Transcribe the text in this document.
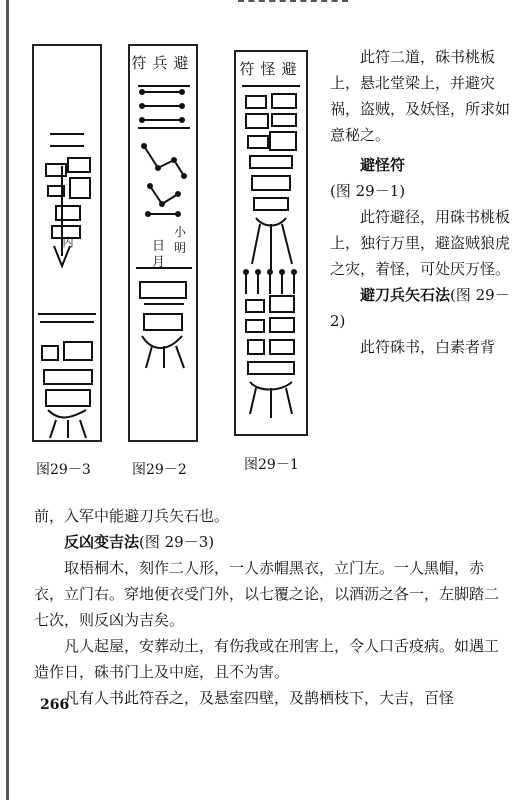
内
符兵避
日
月
小
明
符怪避
图29－3	图29－2	图29－1

此符二道，硃书桃板上，悬北堂梁上，并避灾祸，盗贼，及妖怪，所求如意秘之。

避怪符

(图 29－1)

此符避径，用硃书桃板上，独行万里，避盗贼狼虎之灾，着怪，可处厌万怪。

避刀兵矢石法(图 29－2)

此符硃书，白素者背

前，入军中能避刀兵矢石也。

反凶变吉法(图 29－3)

取梧桐木，刻作二人形，一人赤帽黑衣，立门左。一人黑帽，赤衣，立门右。穿地便衣受门外，以七覆之论，以酒沥之各一，左脚踏二七次，则反凶为吉矣。

凡人起屋，安葬动土，有伤我或在刑害上，令人口舌疫病。如遇工造作日，硃书门上及中庭，且不为害。

凡有人书此符吞之，及悬室四壁，及鹊栖枝下，大吉，百怪

266
